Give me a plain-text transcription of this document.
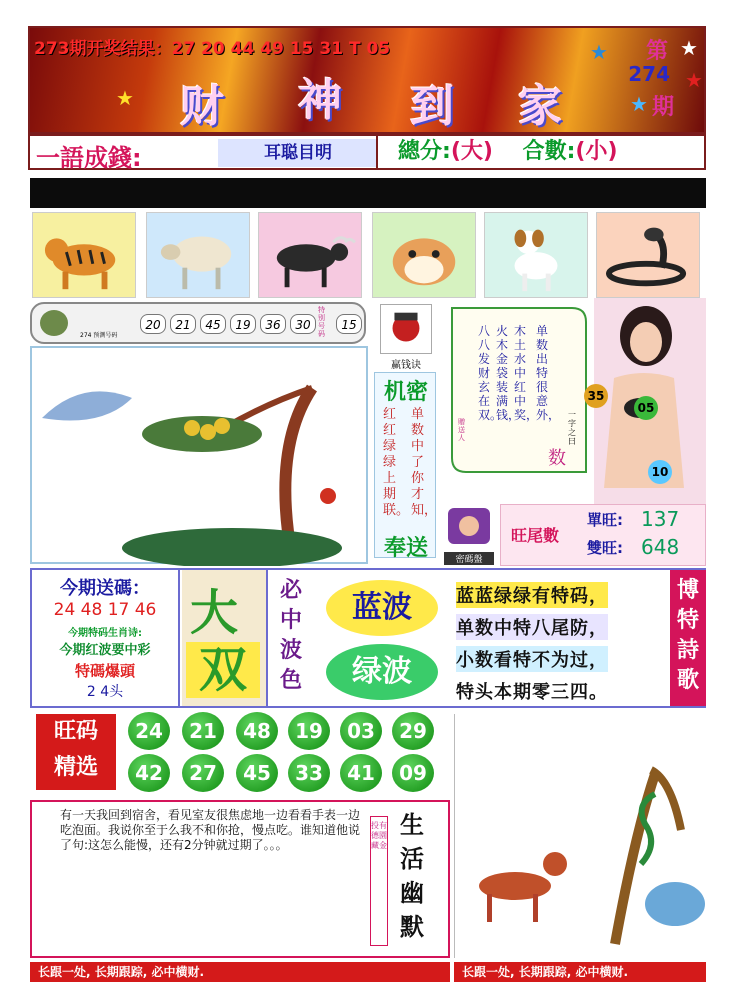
273期开奖结果：27 20 44 49 15 31 T 05
财 神 到 家
★	★
★
★
★
第
274
期
一語成錢:	耳聪目明	總分:(大) 合數:(小)
274 预测号码
20	21	45	19	36	30
特别号码
15
赢钱诀
机密
红红绿绿上期联。
单数中了你才知，
奉送	密碼盤
单数出特很意外，
木土水中红中奖，
火木金袋装满钱，
八八发财玄在双。
贈送人
一字之曰
数
35
05
10
旺尾數
單旺: 137
雙旺: 648
今期送碼：
24 48 17 46
今期特码生肖诗:
今期红波要中彩
特碼爆頭
2 4头
大
双
必中波色
蓝波
绿波
蓝蓝绿绿有特码，
单数中特八尾防，
小数看特不为过，
特头本期零三四。
博特詩歌
旺码
精选
24	21	48	19	03	29
42	27	45	33	41	09
有一天我回到宿舍，看见室友很焦虑地一边看看手表一边吃泡面。我说你至于么我不和你抢，慢点吃。谁知道他说了句:这怎么能慢，还有2分钟就过期了。。。
投有德園藏金
生活幽默
长跟一处, 长期跟踪, 必中横财.	长跟一处, 长期跟踪, 必中横财.
